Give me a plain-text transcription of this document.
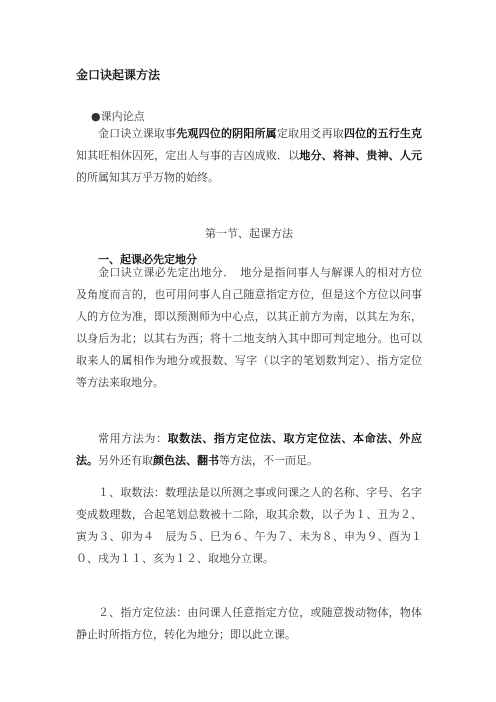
金口诀起课方法
●课内论点

金口诀立课取事先观四位的阴阳所属定取用爻再取四位的五行生克知其旺相休囚死，定出人与事的吉凶成败．以地分、将神、贵神、人元的所属知其万乎万物的始终。

第一节、起课方法
一、起课必先定地分

金口诀立课必先定出地分．　地分是指问事人与解课人的相对方位及角度而言的，也可用问事人自己随意指定方位，但是这个方位以问事人的方位为准，即以预测师为中心点，以其正前方为南，以其左为东，以身后为北；以其右为西；将十二地支纳入其中即可判定地分。也可以取来人的属相作为地分或报数、写字（以字的笔划数判定）、指方定位等方法来取地分。

常用方法为：取数法、指方定位法、取方定位法、本命法、外应法。另外还有取颜色法、翻书等方法，不一而足。

１、取数法：数理法是以所测之事或问课之人的名称、字号、名字变成数理数，合起笔划总数被十二除，取其余数，以子为１、丑为２、寅为３、卯为４　辰为５、巳为６、午为７、未为８、申为９、酉为１０、戌为１１、亥为１２、取地分立课。

２、指方定位法：由问课人任意指定方位，或随意拨动物体，物体静止时所指方位，转化为地分；即以此立课。
